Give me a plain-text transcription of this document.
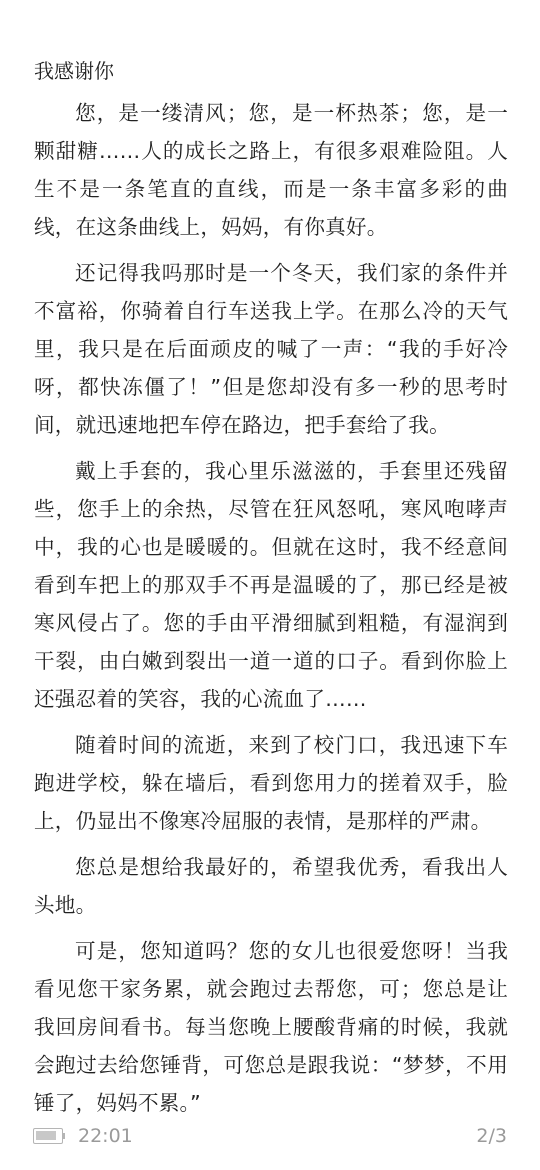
我感谢你

您，是一缕清风；您，是一杯热茶；您，是一颗甜糖……人的成长之路上，有很多艰难险阻。人生不是一条笔直的直线，而是一条丰富多彩的曲线，在这条曲线上，妈妈，有你真好。

还记得我吗那时是一个冬天，我们家的条件并不富裕，你骑着自行车送我上学。在那么冷的天气里，我只是在后面顽皮的喊了一声：“我的手好冷呀，都快冻僵了！”但是您却没有多一秒的思考时间，就迅速地把车停在路边，把手套给了我。

戴上手套的，我心里乐滋滋的，手套里还残留些，您手上的余热，尽管在狂风怒吼，寒风咆哮声中，我的心也是暖暖的。但就在这时，我不经意间看到车把上的那双手不再是温暖的了，那已经是被寒风侵占了。您的手由平滑细腻到粗糙，有湿润到干裂，由白嫩到裂出一道一道的口子。看到你脸上还强忍着的笑容，我的心流血了……

随着时间的流逝，来到了校门口，我迅速下车跑进学校，躲在墙后，看到您用力的搓着双手，脸上，仍显出不像寒冷屈服的表情，是那样的严肃。

您总是想给我最好的，希望我优秀，看我出人头地。

可是，您知道吗？您的女儿也很爱您呀！当我看见您干家务累，就会跑过去帮您，可；您总是让我回房间看书。每当您晚上腰酸背痛的时候，我就会跑过去给您锤背，可您总是跟我说：“梦梦，不用锤了，妈妈不累。”

22:01	2/3
